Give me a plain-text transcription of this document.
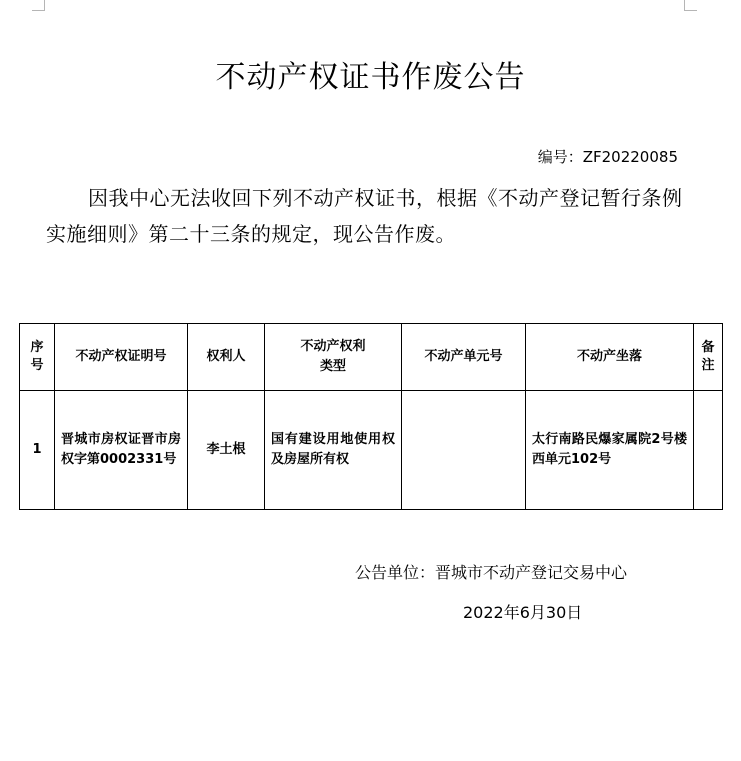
不动产权证书作废公告
编号：ZF20220085
因我中心无法收回下列不动产权证书，根据《不动产登记暂行条例实施细则》第二十三条的规定，现公告作废。
序号	不动产权证明号	权利人	不动产权利类型	不动产单元号	不动产坐落	备注
1	晋城市房权证晋市房权字第0002331号	李土根	国有建设用地使用权及房屋所有权		太行南路民爆家属院2号楼西单元102号	
公告单位：晋城市不动产登记交易中心
2022年6月30日
